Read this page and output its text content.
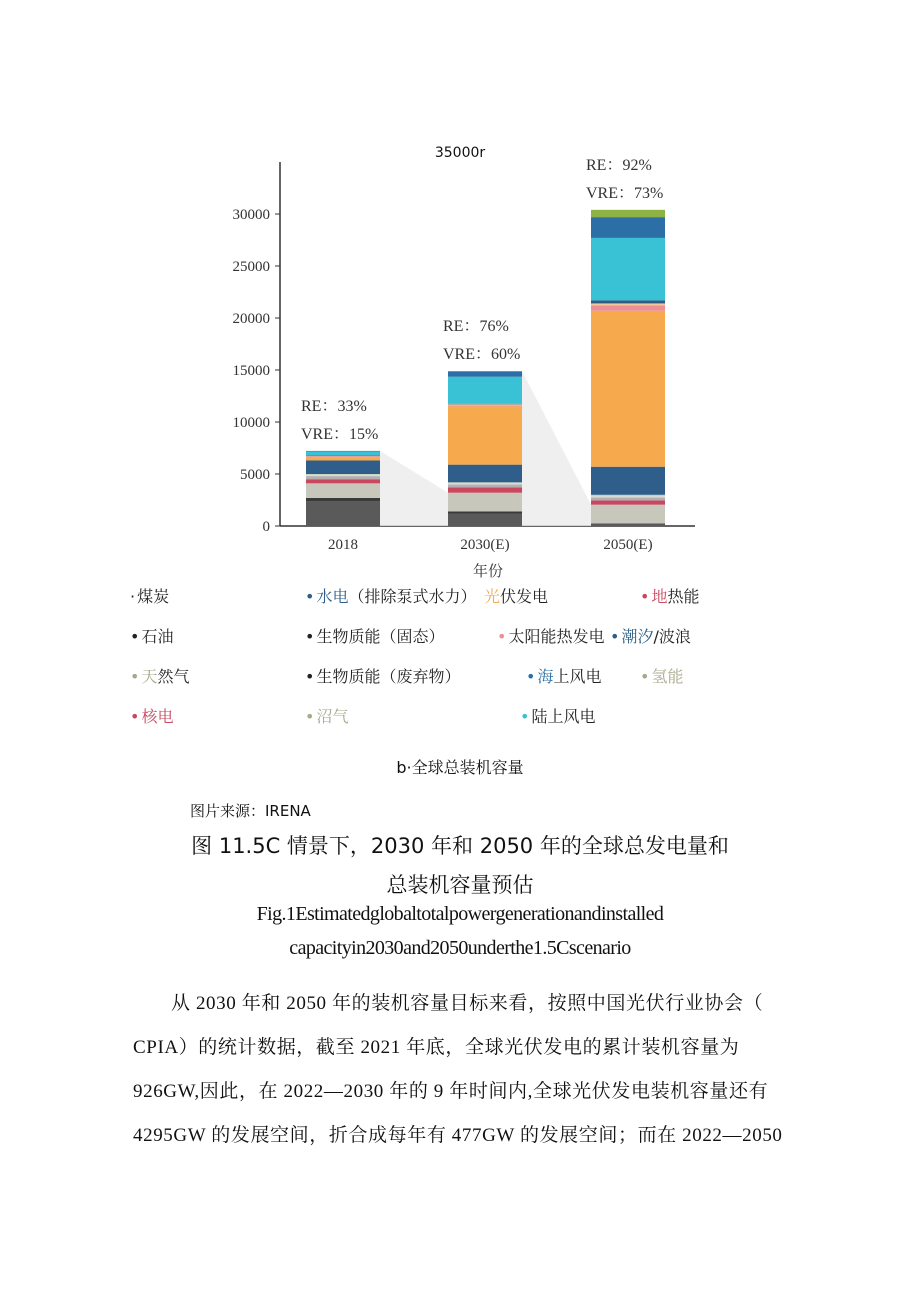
35000r
0
5000
10000
15000
20000
25000
30000
2018	2030(E)	2050(E)
RE：33%
VRE：15%
RE：76%
VRE：60%
RE：92%
VRE：73%
年份
· 煤炭	• 水电（排除泵式水力） 光伏发电	• 地热能
• 石油	• 生物质能（固态）	• 太阳能热发电 • 潮汐/波浪
• 天然气	• 生物质能（废弃物）	• 海上风电 • 氢能
• 核电	• 沼气	• 陆上风电
b·全球总装机容量
图片来源：IRENA
图 11.5C 情景下，2030 年和 2050 年的全球总发电量和
总装机容量预估
Fig.1Estimatedglobaltotalpowergenerationandinstalled
capacityin2030and2050underthe1.5Cscenario
从 2030 年和 2050 年的装机容量目标来看，按照中国光伏行业协会（
CPIA）的统计数据，截至 2021 年底，全球光伏发电的累计装机容量为
926GW,因此，在 2022—2030 年的 9 年时间内,全球光伏发电装机容量还有
4295GW 的发展空间，折合成每年有 477GW 的发展空间；而在 2022—2050
